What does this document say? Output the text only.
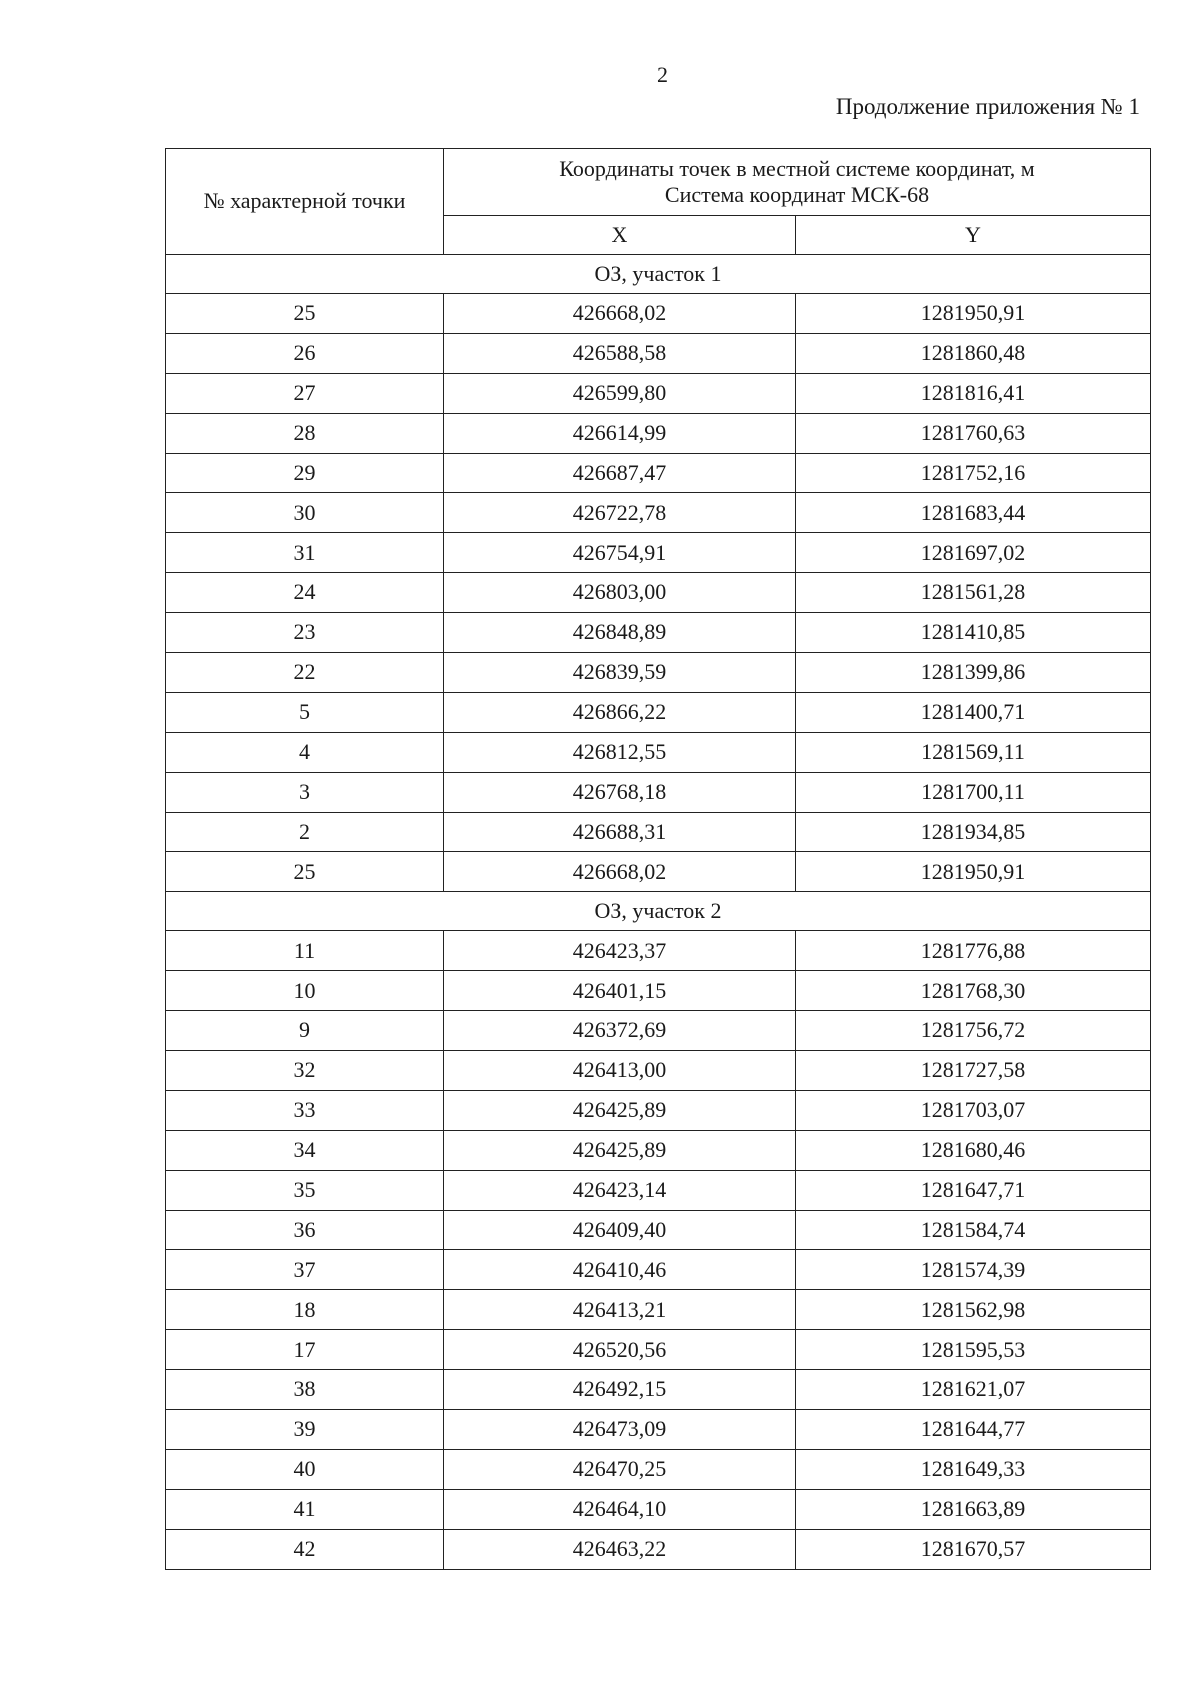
2
Продолжение приложения № 1
№ характерной точки	Координаты точек в местной системе координат, м
Система координат МСК-68	

	X	Y
ОЗ, участок 1		
25	426668,02	1281950,91
26	426588,58	1281860,48
27	426599,80	1281816,41
28	426614,99	1281760,63
29	426687,47	1281752,16
30	426722,78	1281683,44
31	426754,91	1281697,02
24	426803,00	1281561,28
23	426848,89	1281410,85
22	426839,59	1281399,86
5	426866,22	1281400,71
4	426812,55	1281569,11
3	426768,18	1281700,11
2	426688,31	1281934,85
25	426668,02	1281950,91
ОЗ, участок 2		
11	426423,37	1281776,88
10	426401,15	1281768,30
9	426372,69	1281756,72
32	426413,00	1281727,58
33	426425,89	1281703,07
34	426425,89	1281680,46
35	426423,14	1281647,71
36	426409,40	1281584,74
37	426410,46	1281574,39
18	426413,21	1281562,98
17	426520,56	1281595,53
38	426492,15	1281621,07
39	426473,09	1281644,77
40	426470,25	1281649,33
41	426464,10	1281663,89
42	426463,22	1281670,57
